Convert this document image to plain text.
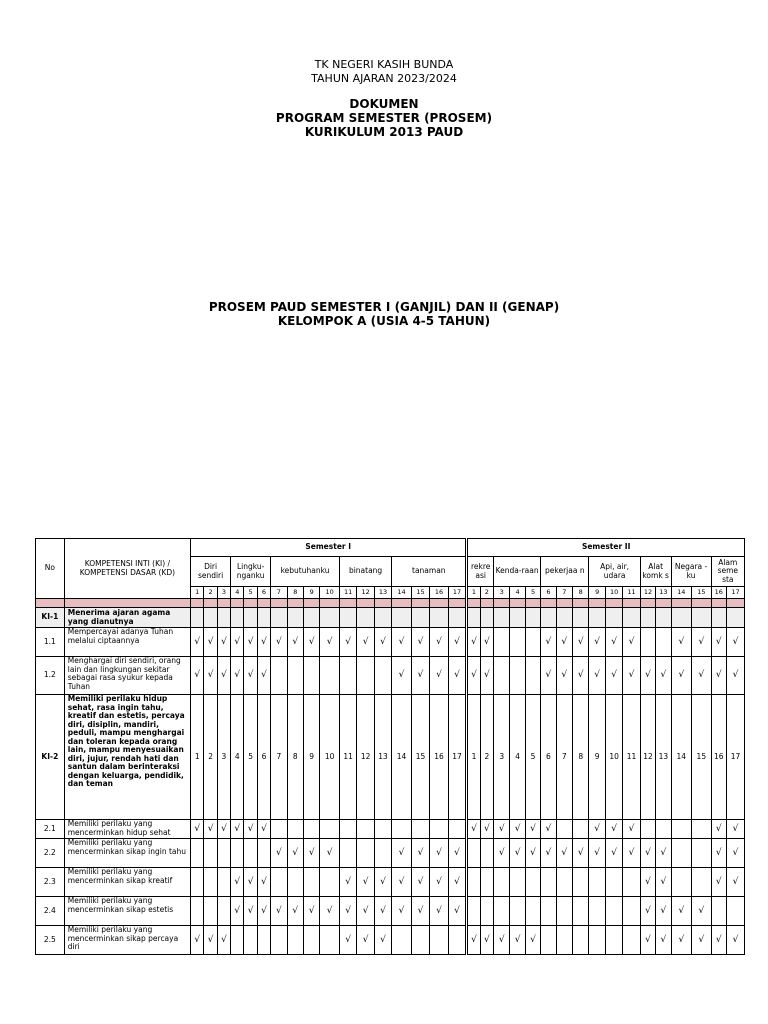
TK NEGERI KASIH BUNDA
TAHUN AJARAN 2023/2024
DOKUMEN
PROGRAM SEMESTER (PROSEM)
KURIKULUM 2013 PAUD
PROSEM PAUD SEMESTER I (GANJIL) DAN II (GENAP)
KELOMPOK A (USIA 4-5 TAHUN)
No	KOMPETENSI INTI (KI) / KOMPETENSI DASAR (KD)	Semester I																	Semester II																
		Diri sendiri			Lingku-nganku			kebutuhanku				binatang			tanaman				rekre asi		Kenda-raan			pekerjaa n			Api, air, udara			Alat komk s		Negara -ku		Alam seme sta	
		1	2	3	4	5	6	7	8	9	10	11	12	13	14	15	16	17	1	2	3	4	5	6	7	8	9	10	11	12	13	14	15	16	17

KI-1	Menerima ajaran agama yang dianutnya																																		
1.1	Mempercayai adanya Tuhan melalui ciptaannya	√	√	√	√	√	√	√	√	√	√	√	√	√	√	√	√	√	√	√				√	√	√	√	√	√			√	√	√	√
1.2	Menghargai diri sendiri, orang lain dan lingkungan sekitar sebagai rasa syukur kepada Tuhan	√	√	√	√	√	√								√	√	√	√	√	√				√	√	√	√	√	√	√	√	√	√	√	√
KI-2	Memiliki perilaku hidup sehat, rasa ingin tahu, kreatif dan estetis, percaya diri, disiplin, mandiri, peduli, mampu menghargai dan toleran kepada orang lain, mampu menyesuaikan diri, jujur, rendah hati dan santun dalam berinteraksi dengan keluarga, pendidik, dan teman	1	2	3	4	5	6	7	8	9	10	11	12	13	14	15	16	17	1	2	3	4	5	6	7	8	9	10	11	12	13	14	15	16	17
2.1	Memiliki perilaku yang mencerminkan hidup sehat	√	√	√	√	√	√												√	√	√	√	√	√			√	√	√					√	√
2.2	Memiliki perilaku yang mencerminkan sikap ingin tahu							√	√	√	√				√	√	√	√			√	√	√	√	√	√	√	√	√	√	√			√	√
2.3	Memiliki perilaku yang mencerminkan sikap kreatif				√	√	√					√	√	√	√	√	√	√												√	√			√	√
2.4	Memiliki perilaku yang mencerminkan sikap estetis				√	√	√	√	√	√	√	√	√	√	√	√	√	√												√	√	√	√		
2.5	Memiliki perilaku yang mencerminkan sikap percaya diri	√	√	√								√	√	√					√	√	√	√	√							√	√	√	√	√	√
